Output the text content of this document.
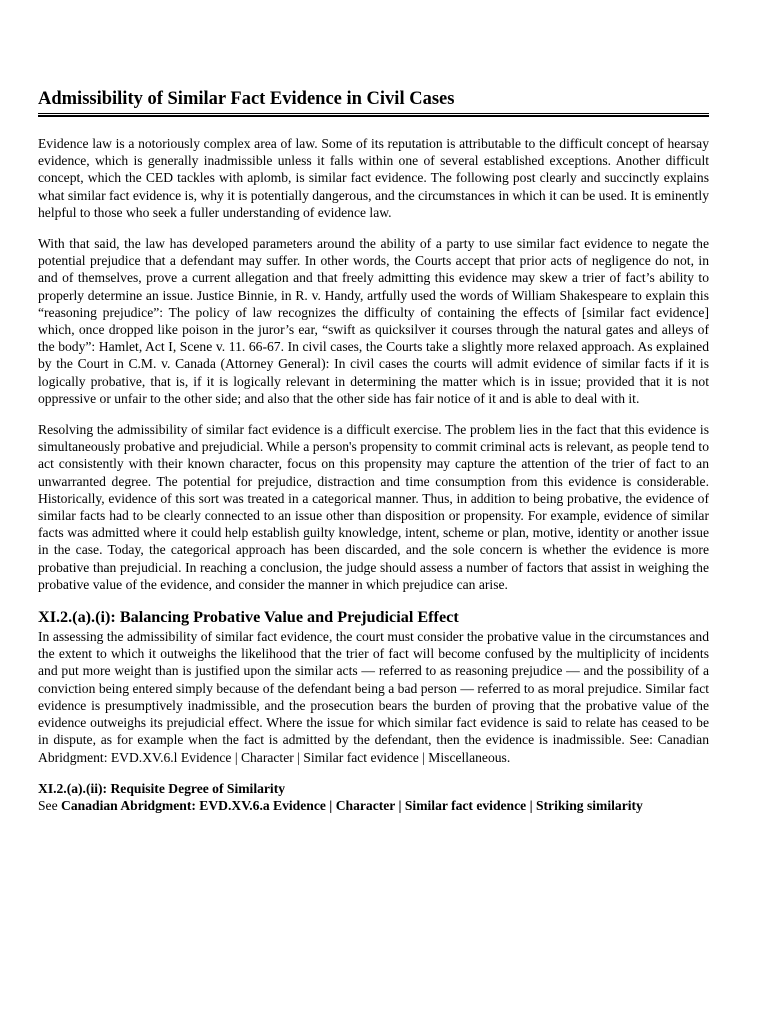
Admissibility of Similar Fact Evidence in Civil Cases

Evidence law is a notoriously complex area of law. Some of its reputation is attributable to the difficult concept of hearsay evidence, which is generally inadmissible unless it falls within one of several established exceptions. Another difficult concept, which the CED tackles with aplomb, is similar fact evidence. The following post clearly and succinctly explains what similar fact evidence is, why it is potentially dangerous, and the circumstances in which it can be used. It is eminently helpful to those who seek a fuller understanding of evidence law.

With that said, the law has developed parameters around the ability of a party to use similar fact evidence to negate the potential prejudice that a defendant may suffer. In other words, the Courts accept that prior acts of negligence do not, in and of themselves, prove a current allegation and that freely admitting this evidence may skew a trier of fact’s ability to properly determine an issue. Justice Binnie, in R. v. Handy, artfully used the words of William Shakespeare to explain this “reasoning prejudice”: The policy of law recognizes the difficulty of containing the effects of [similar fact evidence] which, once dropped like poison in the juror’s ear, “swift as quicksilver it courses through the natural gates and alleys of the body”: Hamlet, Act I, Scene v. 11. 66-67. In civil cases, the Courts take a slightly more relaxed approach. As explained by the Court in C.M. v. Canada (Attorney General): In civil cases the courts will admit evidence of similar facts if it is logically probative, that is, if it is logically relevant in determining the matter which is in issue; provided that it is not oppressive or unfair to the other side; and also that the other side has fair notice of it and is able to deal with it.

Resolving the admissibility of similar fact evidence is a difficult exercise. The problem lies in the fact that this evidence is simultaneously probative and prejudicial. While a person's propensity to commit criminal acts is relevant, as people tend to act consistently with their known character, focus on this propensity may capture the attention of the trier of fact to an unwarranted degree. The potential for prejudice, distraction and time consumption from this evidence is considerable. Historically, evidence of this sort was treated in a categorical manner. Thus, in addition to being probative, the evidence of similar facts had to be clearly connected to an issue other than disposition or propensity. For example, evidence of similar facts was admitted where it could help establish guilty knowledge, intent, scheme or plan, motive, identity or another issue in the case. Today, the categorical approach has been discarded, and the sole concern is whether the evidence is more probative than prejudicial. In reaching a conclusion, the judge should assess a number of factors that assist in weighing the probative value of the evidence, and consider the manner in which prejudice can arise.

XI.2.(a).(i): Balancing Probative Value and Prejudicial Effect

In assessing the admissibility of similar fact evidence, the court must consider the probative value in the circumstances and the extent to which it outweighs the likelihood that the trier of fact will become confused by the multiplicity of incidents and put more weight than is justified upon the similar acts — referred to as reasoning prejudice — and the possibility of a conviction being entered simply because of the defendant being a bad person — referred to as moral prejudice. Similar fact evidence is presumptively inadmissible, and the prosecution bears the burden of proving that the probative value of the evidence outweighs its prejudicial effect. Where the issue for which similar fact evidence is said to relate has ceased to be in dispute, as for example when the fact is admitted by the defendant, then the evidence is inadmissible. See: Canadian Abridgment: EVD.XV.6.l Evidence | Character | Similar fact evidence | Miscellaneous.

XI.2.(a).(ii): Requisite Degree of Similarity

See Canadian Abridgment: EVD.XV.6.a Evidence | Character | Similar fact evidence | Striking similarity
